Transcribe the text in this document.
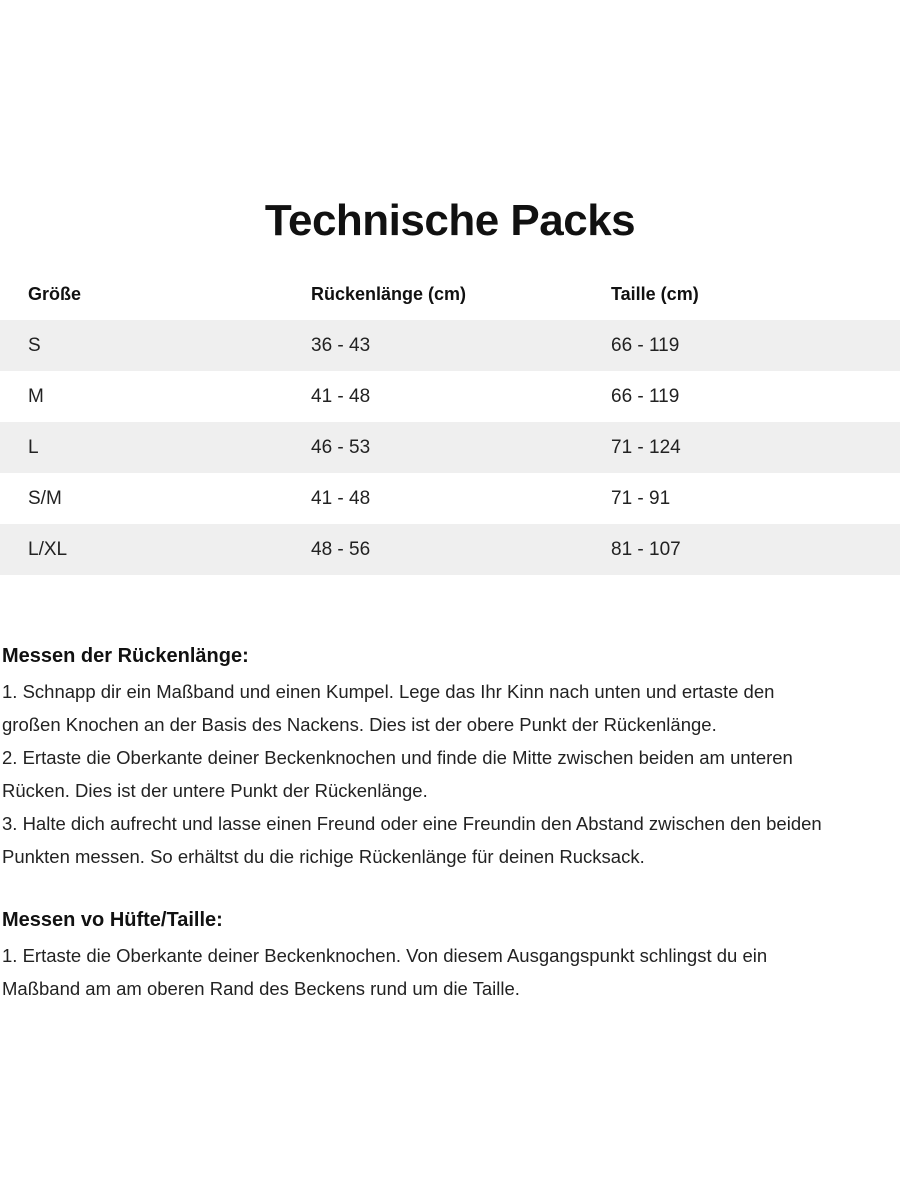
Technische Packs
Größe	Rückenlänge (cm)	Taille (cm)
S	36 - 43	66 - 119
M	41 - 48	66 - 119
L	46 - 53	71 - 124
S/M	41 - 48	71 - 91
L/XL	48 - 56	81 - 107
Messen der Rückenlänge:

1. Schnapp dir ein Maßband und einen Kumpel. Lege das Ihr Kinn nach unten und ertaste den

großen Knochen an der Basis des Nackens. Dies ist der obere Punkt der Rückenlänge.

2. Ertaste die Oberkante deiner Beckenknochen und finde die Mitte zwischen beiden am unteren

Rücken. Dies ist der untere Punkt der Rückenlänge.

3. Halte dich aufrecht und lasse einen Freund oder eine Freundin den Abstand zwischen den beiden

Punkten messen. So erhältst du die richige Rückenlänge für deinen Rucksack.

Messen vo Hüfte/Taille:

1. Ertaste die Oberkante deiner Beckenknochen. Von diesem Ausgangspunkt schlingst du ein

Maßband am am oberen Rand des Beckens rund um die Taille.
